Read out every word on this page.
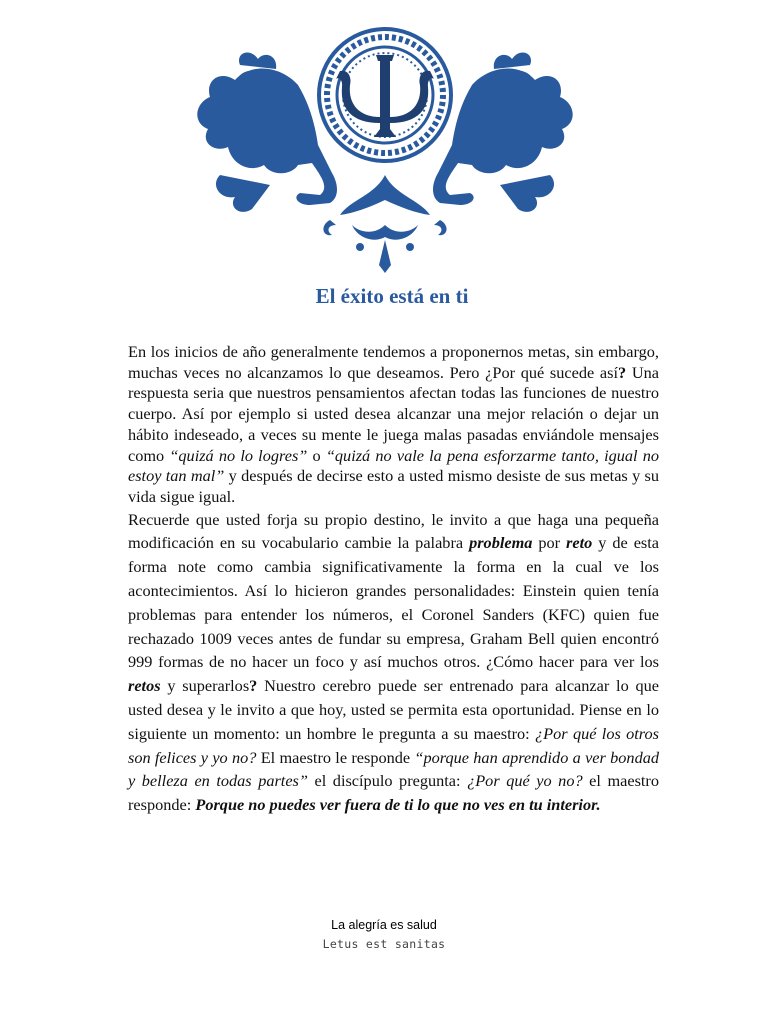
El éxito está en ti

En los inicios de año generalmente tendemos a proponernos metas, sin embargo, muchas veces no alcanzamos lo que deseamos. Pero ¿Por qué sucede así? Una respuesta seria que nuestros pensamientos afectan todas las funciones de nuestro cuerpo. Así por ejemplo si usted desea alcanzar una mejor relación o dejar un hábito indeseado, a veces su mente le juega malas pasadas enviándole mensajes como “quizá no lo logres” o “quizá no vale la pena esforzarme tanto, igual no estoy tan mal” y después de decirse esto a usted mismo desiste de sus metas y su vida sigue igual.

Recuerde que usted forja su propio destino, le invito a que haga una pequeña modificación en su vocabulario cambie la palabra problema por reto y de esta forma note como cambia significativamente la forma en la cual ve los acontecimientos. Así lo hicieron grandes personalidades: Einstein quien tenía problemas para entender los números, el Coronel Sanders (KFC) quien fue rechazado 1009 veces antes de fundar su empresa, Graham Bell quien encontró 999 formas de no hacer un foco y así muchos otros. ¿Cómo hacer para ver los retos y superarlos? Nuestro cerebro puede ser entrenado para alcanzar lo que usted desea y le invito a que hoy, usted se permita esta oportunidad. Piense en lo siguiente un momento: un hombre le pregunta a su maestro: ¿Por qué los otros son felices y yo no? El maestro le responde “porque han aprendido a ver bondad y belleza en todas partes” el discípulo pregunta: ¿Por qué yo no? el maestro responde: Porque no puedes ver fuera de ti lo que no ves en tu interior.

La alegría es salud
Letus est sanitas
